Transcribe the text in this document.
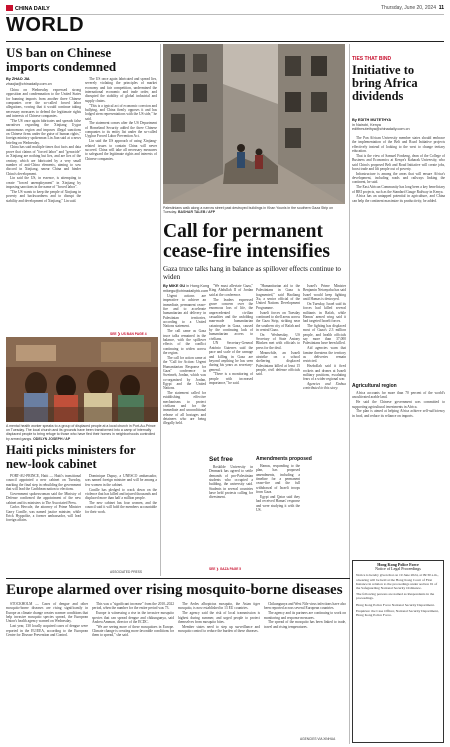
CHINA DAILY	Thursday, June 20, 2024 11
WORLD
US ban on Chinese imports condemned
By ZHAO JIA
zhaojia@chinadaily.com.cn

China on Wednesday expressed strong opposition and condemnation to the United States for banning imports from another three Chinese companies over the so-called forced labor allegations, vowing that it would continue taking necessary measures to defend the legitimate rights and interests of Chinese companies.

"The US once again fabricates and spreads false narratives regarding the Xinjiang Uygur autonomous region and imposes illegal sanctions on Chinese firms under the guise of human rights," foreign ministry spokesman Lin Jian said at a news briefing on Wednesday.

China has said multiple times that facts and data prove that claims of "forced labor" and "genocide" in Xinjiang are nothing but lies, and are lies of the century, which are fabricated by a very small number of anti-China elements, aiming to sow discord in Xinjiang, smear China and hinder China's development.

Lin said the US, in essence, is attempting to create "forced unemployment" in Xinjiang by imposing sanctions in the name of "forced labor".

"The US wants to keep the people of Xinjiang in poverty and backwardness and to disrupt the stability and development of Xinjiang," Lin said.

The US once again fabricated and spread lies, severely violating the principles of market economy and fair competition, undermined the international economic and trade order, and disrupted the stability of global industrial and supply chains.

"This is a typical act of economic coercion and bullying, and China firmly opposes it and has lodged stern representations with the US side," he said.

The statement comes after the US Department of Homeland Security added the three Chinese companies to its entity list under the so-called Uyghur Forced Labor Prevention Act.

Lin said the US approach of using Xinjiang-related issues to contain China will never succeed. China will take all necessary measures to safeguard the legitimate rights and interests of Chinese companies.

SEE ❯ US BAN PAGE 4
A mental health worker speaks to a group of displaced people at a local church in Port-Au-Prince on Tuesday. The local church and its grounds have been transformed into a camp of internally displaced people to bring refuge to those who have fled their homes in neighborhoods controlled by armed gangs. ODELYN JOSEPH / AP
Haiti picks ministers for new-look cabinet

PORT-AU-PRINCE, Haiti — Haiti's transitional council appointed a new cabinet on Tuesday, marking the final step in rebuilding the government that will lead the Caribbean nation to elections.

Government spokeswoman said the Ministry of Defense confirmed the appointment of the new cabinet and its ministers to The Associated Press.

Carlos Hercule, the attorney of Prime Minister Garry Conille, was named justice minister, while Erick Hyppolite, a former ambassador, will lead foreign affairs.

Dominique Dupuy, a UNESCO ambassador, was named foreign minister and will be among a few women in the cabinet.

Conille has pledged to crack down on the violence that has killed and injured thousands and displaced more than half a million people.

The new cabinet has four women, and the council said it will hold the members accountable for their work.

ASSOCIATED PRESS
Palestinians walk along a narrow street past destroyed buildings in Khan Younis in the southern Gaza Strip on Tuesday. BASHAR TALEB / AFP
Call for permanent cease-fire intensifies
Gaza truce talks hang in balance as spillover effects continue to widen
By MIKE GU in Hong Kong
mikegu@chinadailyhk.com

Urgent actions are imperative to achieve an immediate, permanent cease-fire and to accelerate humanitarian aid delivery in Palestinian territories, according to a United Nations statement.

The call came as Gaza truce talks remained in the balance, with the spillover effects of the conflict continuing to widen across the region.

The call for action came at the "Call for Action: Urgent Humanitarian Response for Gaza" conference in Sweimeh, Jordan, which was co-organized by Jordan, Egypt and the United Nations.

The statement called for establishing effective mechanisms to protect civilians and for the immediate and unconditional release of all hostages and detainees who are being illegally held.

"We must alleviate Gaza," King Abdullah II of Jordan said at the conference.

The leaders expressed grave concern over the enormous loss of life, the unprecedented civilian casualties and the unfolding man-made humanitarian catastrophe in Gaza, caused by the continuing lack of humanitarian access to civilians.

UN Secretary-General António Guterres said the pace and scale of the carnage and killing in Gaza are beyond anything he has seen during his years as secretary-general.

"There is a monitoring of people with increased importance," he said.

Set free

Roskilde University in Denmark has agreed to settle demands of pro-Palestinian students who occupied a building, the university said. Students in several countries have held protests calling for divestment.

SEE ❯ GAZA PAGE 5

"Humanitarian aid to the Palestinians in Gaza is fragmented," said Haoliang Xu, a senior official of the United Nations Development Programme.

Israeli forces on Tuesday continued to shell areas across the Gaza Strip, striking near the southern city of Rafah and in central Gaza.

On Wednesday, US Secretary of State Antony Blinken met with officials to press for the deal.

Meanwhile, an Israeli airstrike on a school sheltering displaced Palestinians killed at least 15 people, civil defense officials said.

Amendments proposed

Hamas, responding to the plan, has proposed amendments, including a timeline for a permanent cease-fire and the full withdrawal of Israeli troops from Gaza.

Egypt and Qatar said they had received Hamas' response and were studying it with the US.

Israel's Prime Minister Benjamin Netanyahu has said Israel would keep fighting until Hamas is destroyed.

On Tuesday, Israel said its forces had killed several militants in Rafah, while Hamas' armed wing said it had targeted Israeli forces.

The fighting has displaced most of Gaza's 2.3 million people, and health officials say more than 37,000 Palestinians have been killed.

Aid agencies warn that famine threatens the territory as deliveries remain restricted.

Hezbollah said it fired rockets and drones at Israeli military positions, escalating fears of a wider regional war.

Agencies and Xinhua contributed to this story.

TIES THAT BIND
Initiative to bring Africa dividends
By EDITH MUTETHYA
in Nairobi, Kenya
edithmutethya@chinadaily.com.cn

The Pan African University member states should embrace the implementation of the Belt and Road Initiative projects effectively instead of looking to the west to change tertiary education.

That is the view of Samuel Fonkeng, dean of the College of Business and Economics at Kenya's Kabarak University, who said China's proposed Belt and Road Initiative will create jobs, boost trade and lift people out of poverty.

Infrastructure is among the areas that will ensure Africa's development, including roads and railways linking the continent, he said.

The East African Community has long been a key beneficiary of BRI projects, such as the Standard Gauge Railway in Kenya.

Africa has an untapped potential in agriculture, and China can help the continent maximize its productivity, he added.

Agricultural region

Africa accounts for more than 70 percent of the world's uncultivated arable land.

He said the Chinese government was committed to supporting agricultural investments in Africa.

The plan is aimed at helping Africa achieve self-sufficiency in food, and reduce its reliance on imports.

Europe alarmed over rising mosquito-borne diseases

STOCKHOLM — Cases of dengue and other mosquito-borne diseases are rising significantly in Europe as climate change creates warmer conditions that help invasive mosquito species spread, the European Union's health agency warned on Wednesday.

Last year, 130 locally acquired cases of dengue were reported in the EU/EEA, according to the European Centre for Disease Prevention and Control.

This was a "significant increase" from the 2010–2022 period, when the number for the entire period was 73.

Europe is witnessing a rise in the invasive mosquito species that can spread dengue and chikungunya, said Andrea Ammon, director of the ECDC.

"We are seeing more of these mosquitoes in Europe. Climate change is creating more favorable conditions for them to spread," she said.

The Aedes albopictus mosquito, the Asian tiger mosquito, is now established in 13 EU countries.

The agency said the risk of local transmission is highest during summer, and urged people to protect themselves from mosquito bites.

Member states need to step up surveillance and mosquito control to reduce the burden of these diseases.

Chikungunya and West Nile virus infections have also been reported across several European countries.

The agency and its partners are continuing to work on monitoring and response measures.

The spread of the mosquito has been linked to trade, travel and rising temperatures.

AGENCIES VIA XINHUA
Hong Kong Police Force
Notice of Legal Proceedings

Notice is hereby given that on 19 June 2024, at 09:30 a.m., a hearing will be held at the Hong Kong Court of First Instance in relation to the proceedings under section 91 of the Safeguarding National Security Ordinance.

The following persons are named as Respondents in the proceedings.

Hong Kong Police Force National Security Department.

Enquiries: the Case Officer, National Security Department, Hong Kong Police Force.
